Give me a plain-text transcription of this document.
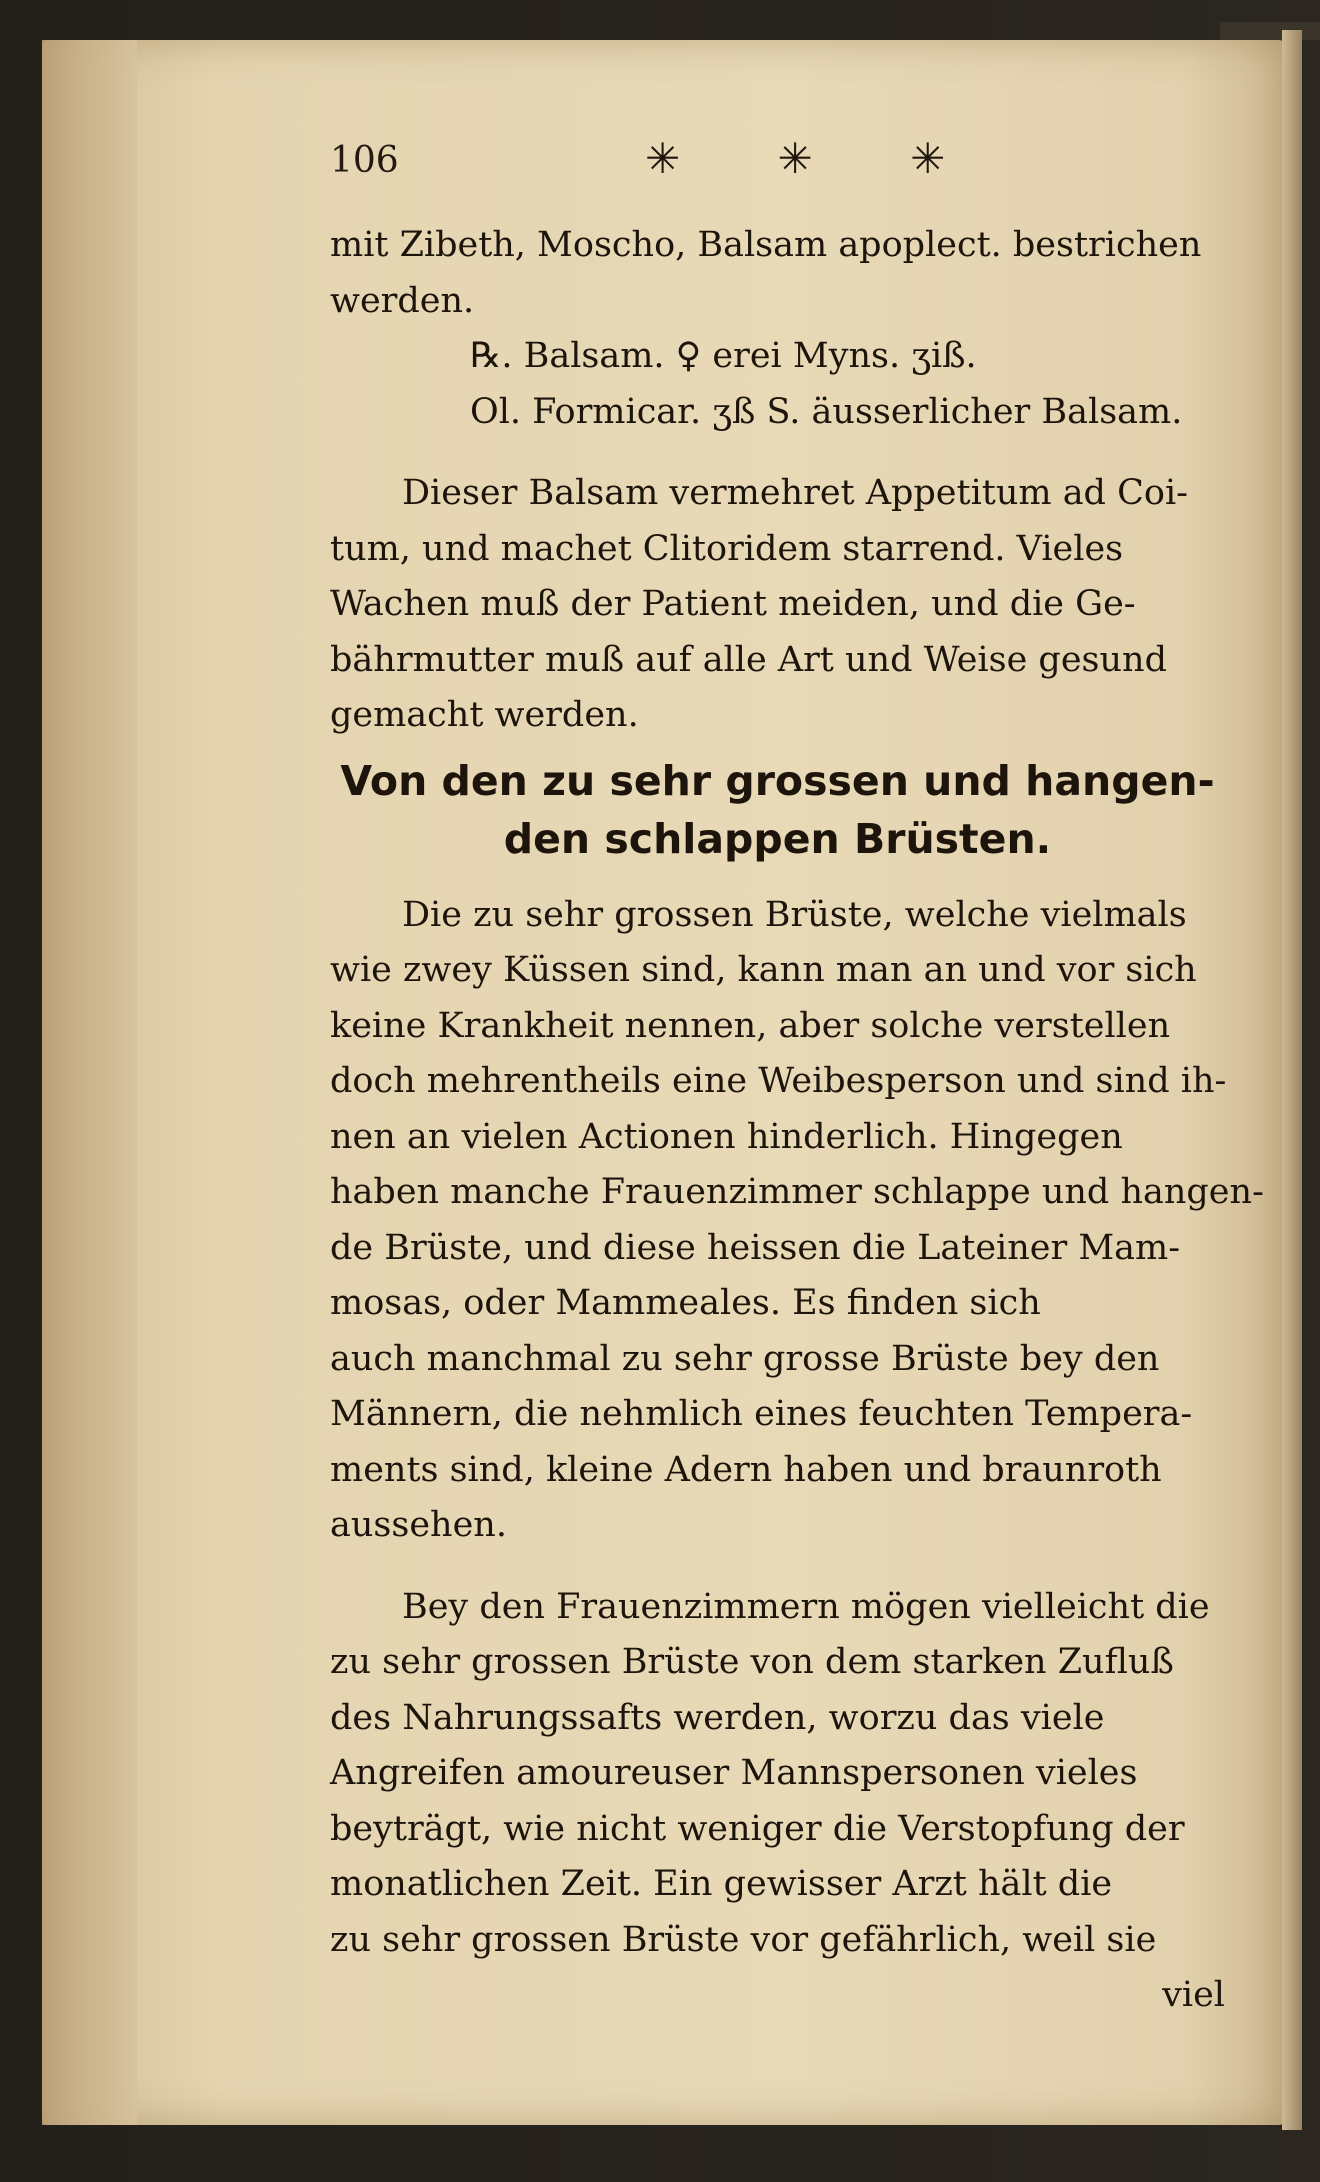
106	✳ ✳ ✳

mit Zibeth, Moscho, Balsam apoplect. bestrichen

werden.

℞. Balsam. ♀ erei Myns. ʒiß.

Ol. Formicar. ʒß S. äusserlicher Balsam.

Dieser Balsam vermehret Appetitum ad Coi-

tum, und machet Clitoridem starrend. Vieles

Wachen muß der Patient meiden, und die Ge-

bährmutter muß auf alle Art und Weise gesund

gemacht werden.

Von den zu sehr grossen und hangen-
den schlappen Brüsten.

Die zu sehr grossen Brüste, welche vielmals

wie zwey Küssen sind, kann man an und vor sich

keine Krankheit nennen, aber solche verstellen

doch mehrentheils eine Weibesperson und sind ih-

nen an vielen Actionen hinderlich. Hingegen

haben manche Frauenzimmer schlappe und hangen-

de Brüste, und diese heissen die Lateiner Mam-

mosas, oder Mammeales. Es finden sich

auch manchmal zu sehr grosse Brüste bey den

Männern, die nehmlich eines feuchten Tempera-

ments sind, kleine Adern haben und braunroth

aussehen.

Bey den Frauenzimmern mögen vielleicht die

zu sehr grossen Brüste von dem starken Zufluß

des Nahrungssafts werden, worzu das viele

Angreifen amoureuser Mannspersonen vieles

beyträgt, wie nicht weniger die Verstopfung der

monatlichen Zeit. Ein gewisser Arzt hält die

zu sehr grossen Brüste vor gefährlich, weil sie

viel
